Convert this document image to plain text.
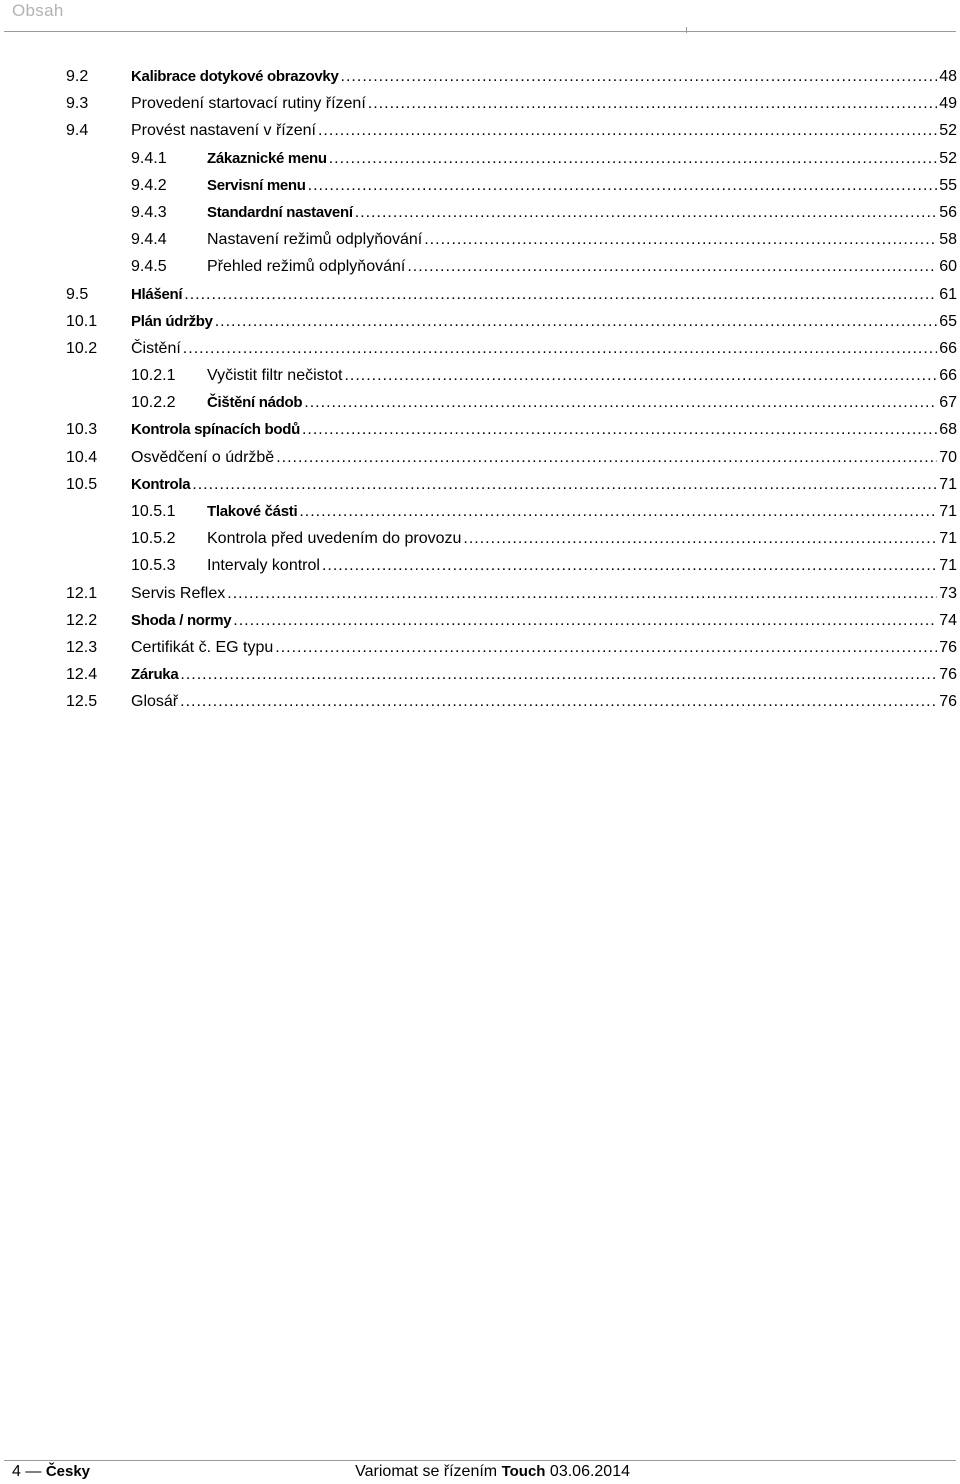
Obsah
9.2	Kalibrace dotykové obrazovky .....	48
9.3	Provedení startovací rutiny řízení .....	49
9.4	Provést nastavení v řízení .....	52
9.4.1	Zákaznické menu .....	52
9.4.2	Servisní menu .....	55
9.4.3	Standardní nastavení .....	56
9.4.4	Nastavení režimů odplyňování .....	58
9.4.5	Přehled režimů odplyňování .....	60
9.5	Hlášení .....	61
10.1	Plán údržby .....	65
10.2	Čistění .....	66
10.2.1	Vyčistit filtr nečistot .....	66
10.2.2	Čištění nádob .....	67
10.3	Kontrola spínacích bodů .....	68
10.4	Osvědčení o údržbě .....	70
10.5	Kontrola .....	71
10.5.1	Tlakové části .....	71
10.5.2	Kontrola před uvedením do provozu .....	71
10.5.3	Intervaly kontrol .....	71
12.1	Servis Reflex .....	73
12.2	Shoda / normy .....	74
12.3	Certifikát č. EG typu .....	76
12.4	Záruka .....	76
12.5	Glosář .....	76
4 — Česky	Variomat se řízením Touch 03.06.2014
